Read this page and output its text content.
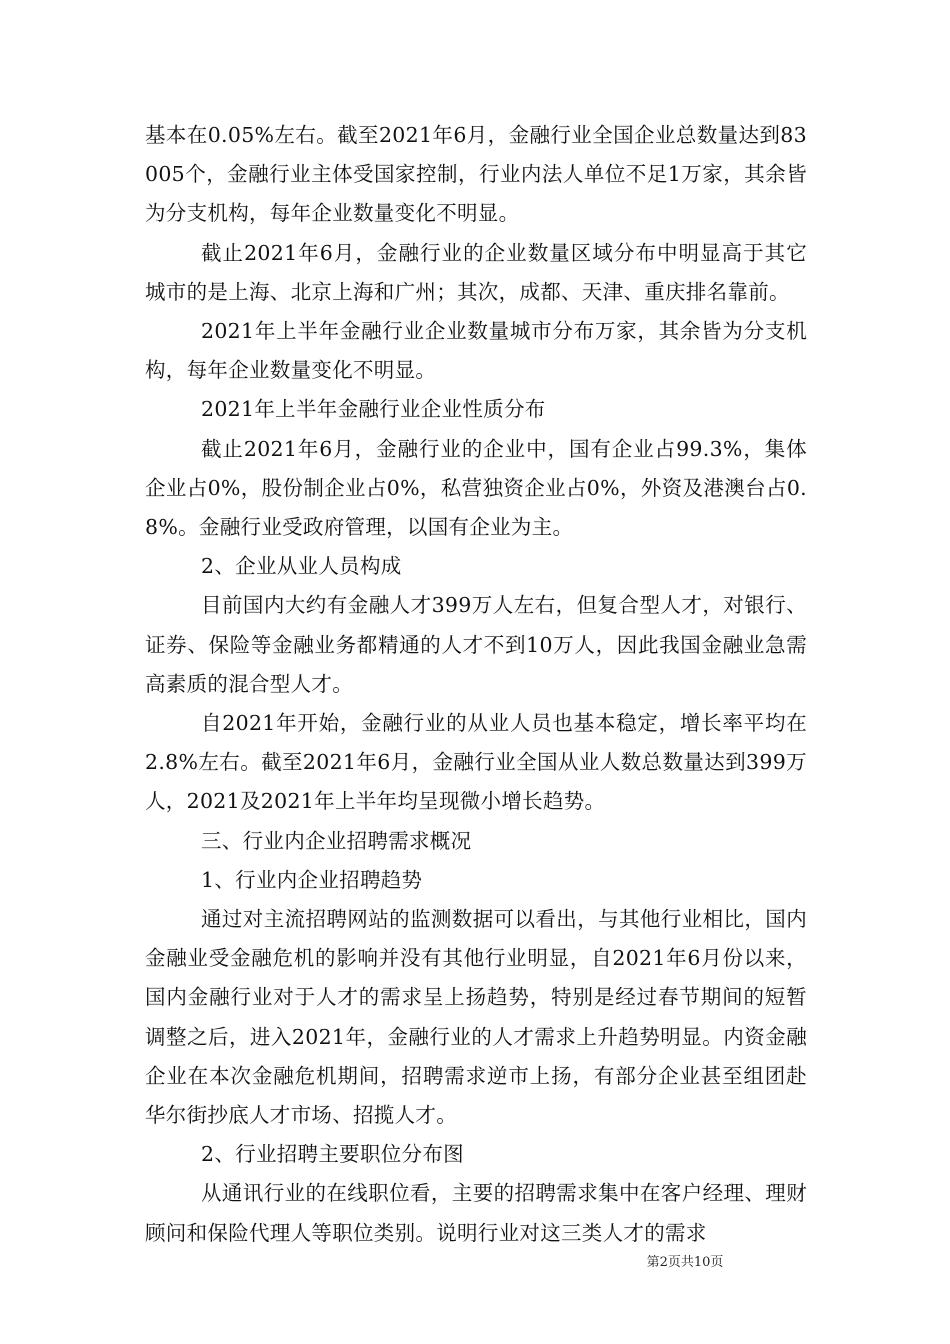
基本在0.05%左右。截至2021年6月，金融行业全国企业总数量达到83005个，金融行业主体受国家控制，行业内法人单位不足1万家，其余皆为分支机构，每年企业数量变化不明显。

截止2021年6月，金融行业的企业数量区域分布中明显高于其它城市的是上海、北京上海和广州；其次，成都、天津、重庆排名靠前。

2021年上半年金融行业企业数量城市分布万家，其余皆为分支机构，每年企业数量变化不明显。

2021年上半年金融行业企业性质分布

截止2021年6月，金融行业的企业中，国有企业占99.3%，集体企业占0%，股份制企业占0%，私营独资企业占0%，外资及港澳台占0.8%。金融行业受政府管理，以国有企业为主。

2、企业从业人员构成

目前国内大约有金融人才399万人左右，但复合型人才，对银行、证券、保险等金融业务都精通的人才不到10万人，因此我国金融业急需高素质的混合型人才。

自2021年开始，金融行业的从业人员也基本稳定，增长率平均在2.8%左右。截至2021年6月，金融行业全国从业人数总数量达到399万人，2021及2021年上半年均呈现微小增长趋势。

三、行业内企业招聘需求概况

1、行业内企业招聘趋势

通过对主流招聘网站的监测数据可以看出，与其他行业相比，国内金融业受金融危机的影响并没有其他行业明显，自2021年6月份以来，国内金融行业对于人才的需求呈上扬趋势，特别是经过春节期间的短暂调整之后，进入2021年，金融行业的人才需求上升趋势明显。内资金融企业在本次金融危机期间，招聘需求逆市上扬，有部分企业甚至组团赴华尔街抄底人才市场、招揽人才。

2、行业招聘主要职位分布图

从通讯行业的在线职位看，主要的招聘需求集中在客户经理、理财顾问和保险代理人等职位类别。说明行业对这三类人才的需求

第2页共10页
